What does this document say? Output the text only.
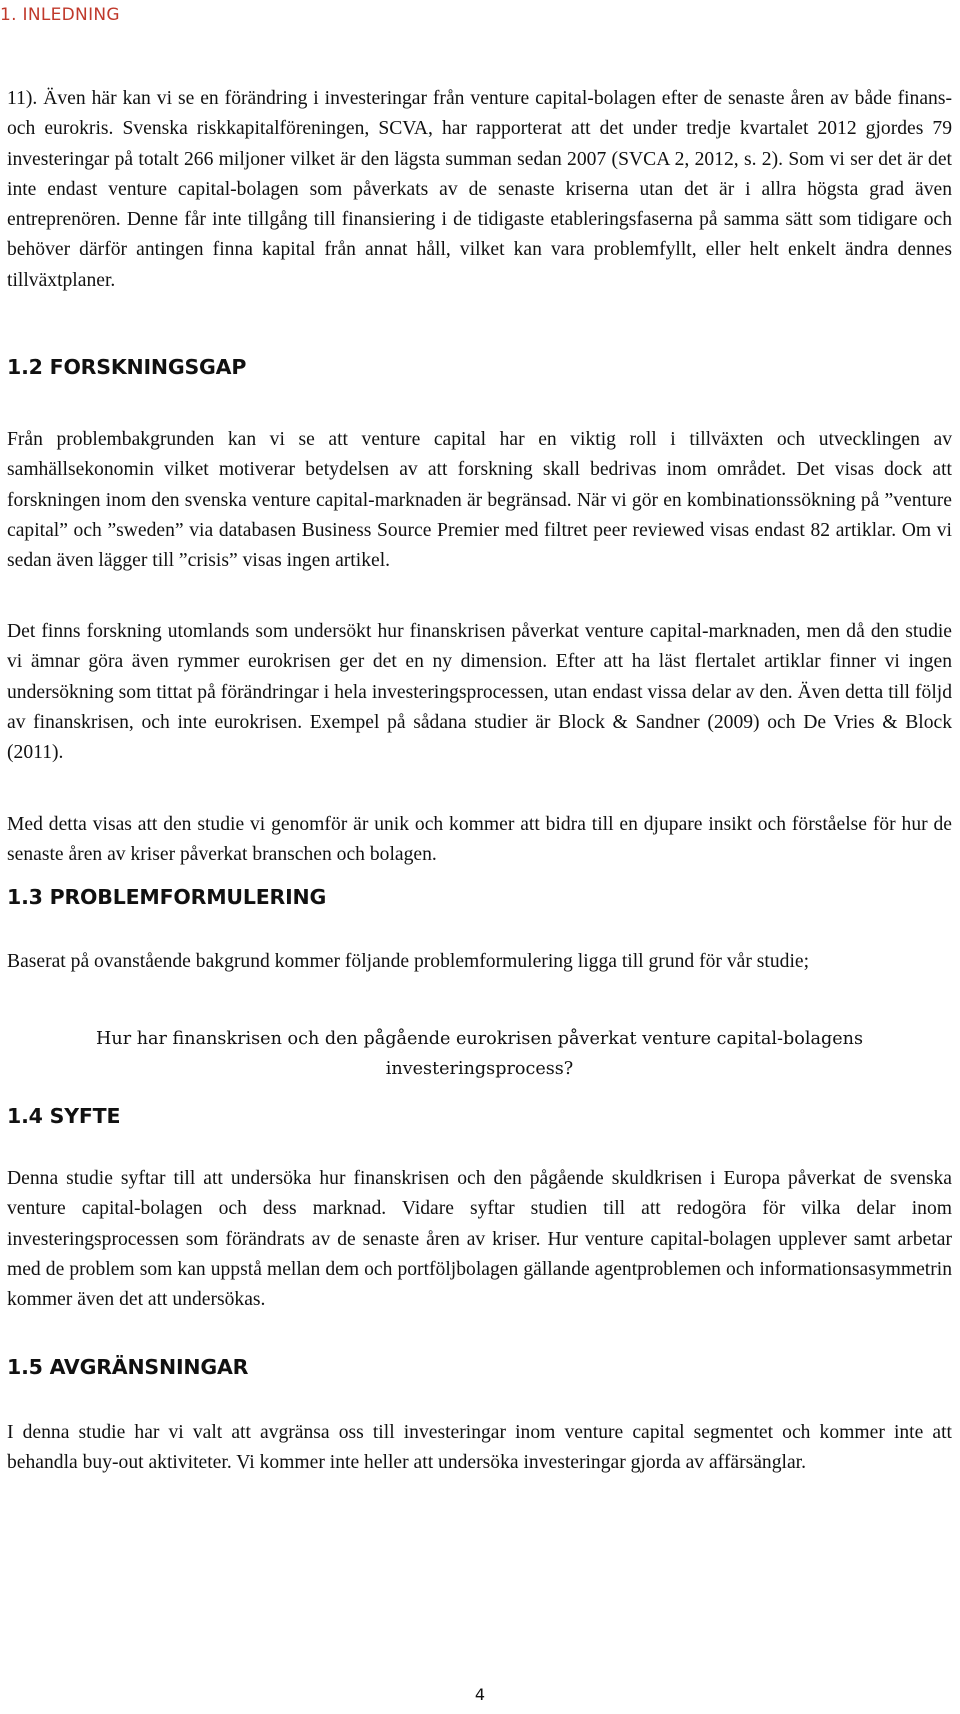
1. INLEDNING

11). Även här kan vi se en förändring i investeringar från venture capital-bolagen efter de senaste åren av både finans- och eurokris. Svenska riskkapitalföreningen, SCVA, har rapporterat att det under tredje kvartalet 2012 gjordes 79 investeringar på totalt 266 miljoner vilket är den lägsta summan sedan 2007 (SVCA 2, 2012, s. 2). Som vi ser det är det inte endast venture capital-bolagen som påverkats av de senaste kriserna utan det är i allra högsta grad även entreprenören. Denne får inte tillgång till finansiering i de tidigaste etableringsfaserna på samma sätt som tidigare och behöver därför antingen finna kapital från annat håll, vilket kan vara problemfyllt, eller helt enkelt ändra dennes tillväxtplaner.

1.2 FORSKNINGSGAP

Från problembakgrunden kan vi se att venture capital har en viktig roll i tillväxten och utvecklingen av samhällsekonomin vilket motiverar betydelsen av att forskning skall bedrivas inom området. Det visas dock att forskningen inom den svenska venture capital-marknaden är begränsad. När vi gör en kombinationssökning på ”venture capital” och ”sweden” via databasen Business Source Premier med filtret peer reviewed visas endast 82 artiklar. Om vi sedan även lägger till ”crisis” visas ingen artikel.

Det finns forskning utomlands som undersökt hur finanskrisen påverkat venture capital-marknaden, men då den studie vi ämnar göra även rymmer eurokrisen ger det en ny dimension. Efter att ha läst flertalet artiklar finner vi ingen undersökning som tittat på förändringar i hela investeringsprocessen, utan endast vissa delar av den. Även detta till följd av finanskrisen, och inte eurokrisen. Exempel på sådana studier är Block & Sandner (2009) och De Vries & Block (2011).

Med detta visas att den studie vi genomför är unik och kommer att bidra till en djupare insikt och förståelse för hur de senaste åren av kriser påverkat branschen och bolagen.

1.3 PROBLEMFORMULERING

Baserat på ovanstående bakgrund kommer följande problemformulering ligga till grund för vår studie;

Hur har finanskrisen och den pågående eurokrisen påverkat venture capital-bolagens investeringsprocess?

1.4 SYFTE

Denna studie syftar till att undersöka hur finanskrisen och den pågående skuldkrisen i Europa påverkat de svenska venture capital-bolagen och dess marknad. Vidare syftar studien till att redogöra för vilka delar inom investeringsprocessen som förändrats av de senaste åren av kriser. Hur venture capital-bolagen upplever samt arbetar med de problem som kan uppstå mellan dem och portföljbolagen gällande agentproblemen och informationsasymmetrin kommer även det att undersökas.

1.5 AVGRÄNSNINGAR

I denna studie har vi valt att avgränsa oss till investeringar inom venture capital segmentet och kommer inte att behandla buy-out aktiviteter. Vi kommer inte heller att undersöka investeringar gjorda av affärsänglar.

4
